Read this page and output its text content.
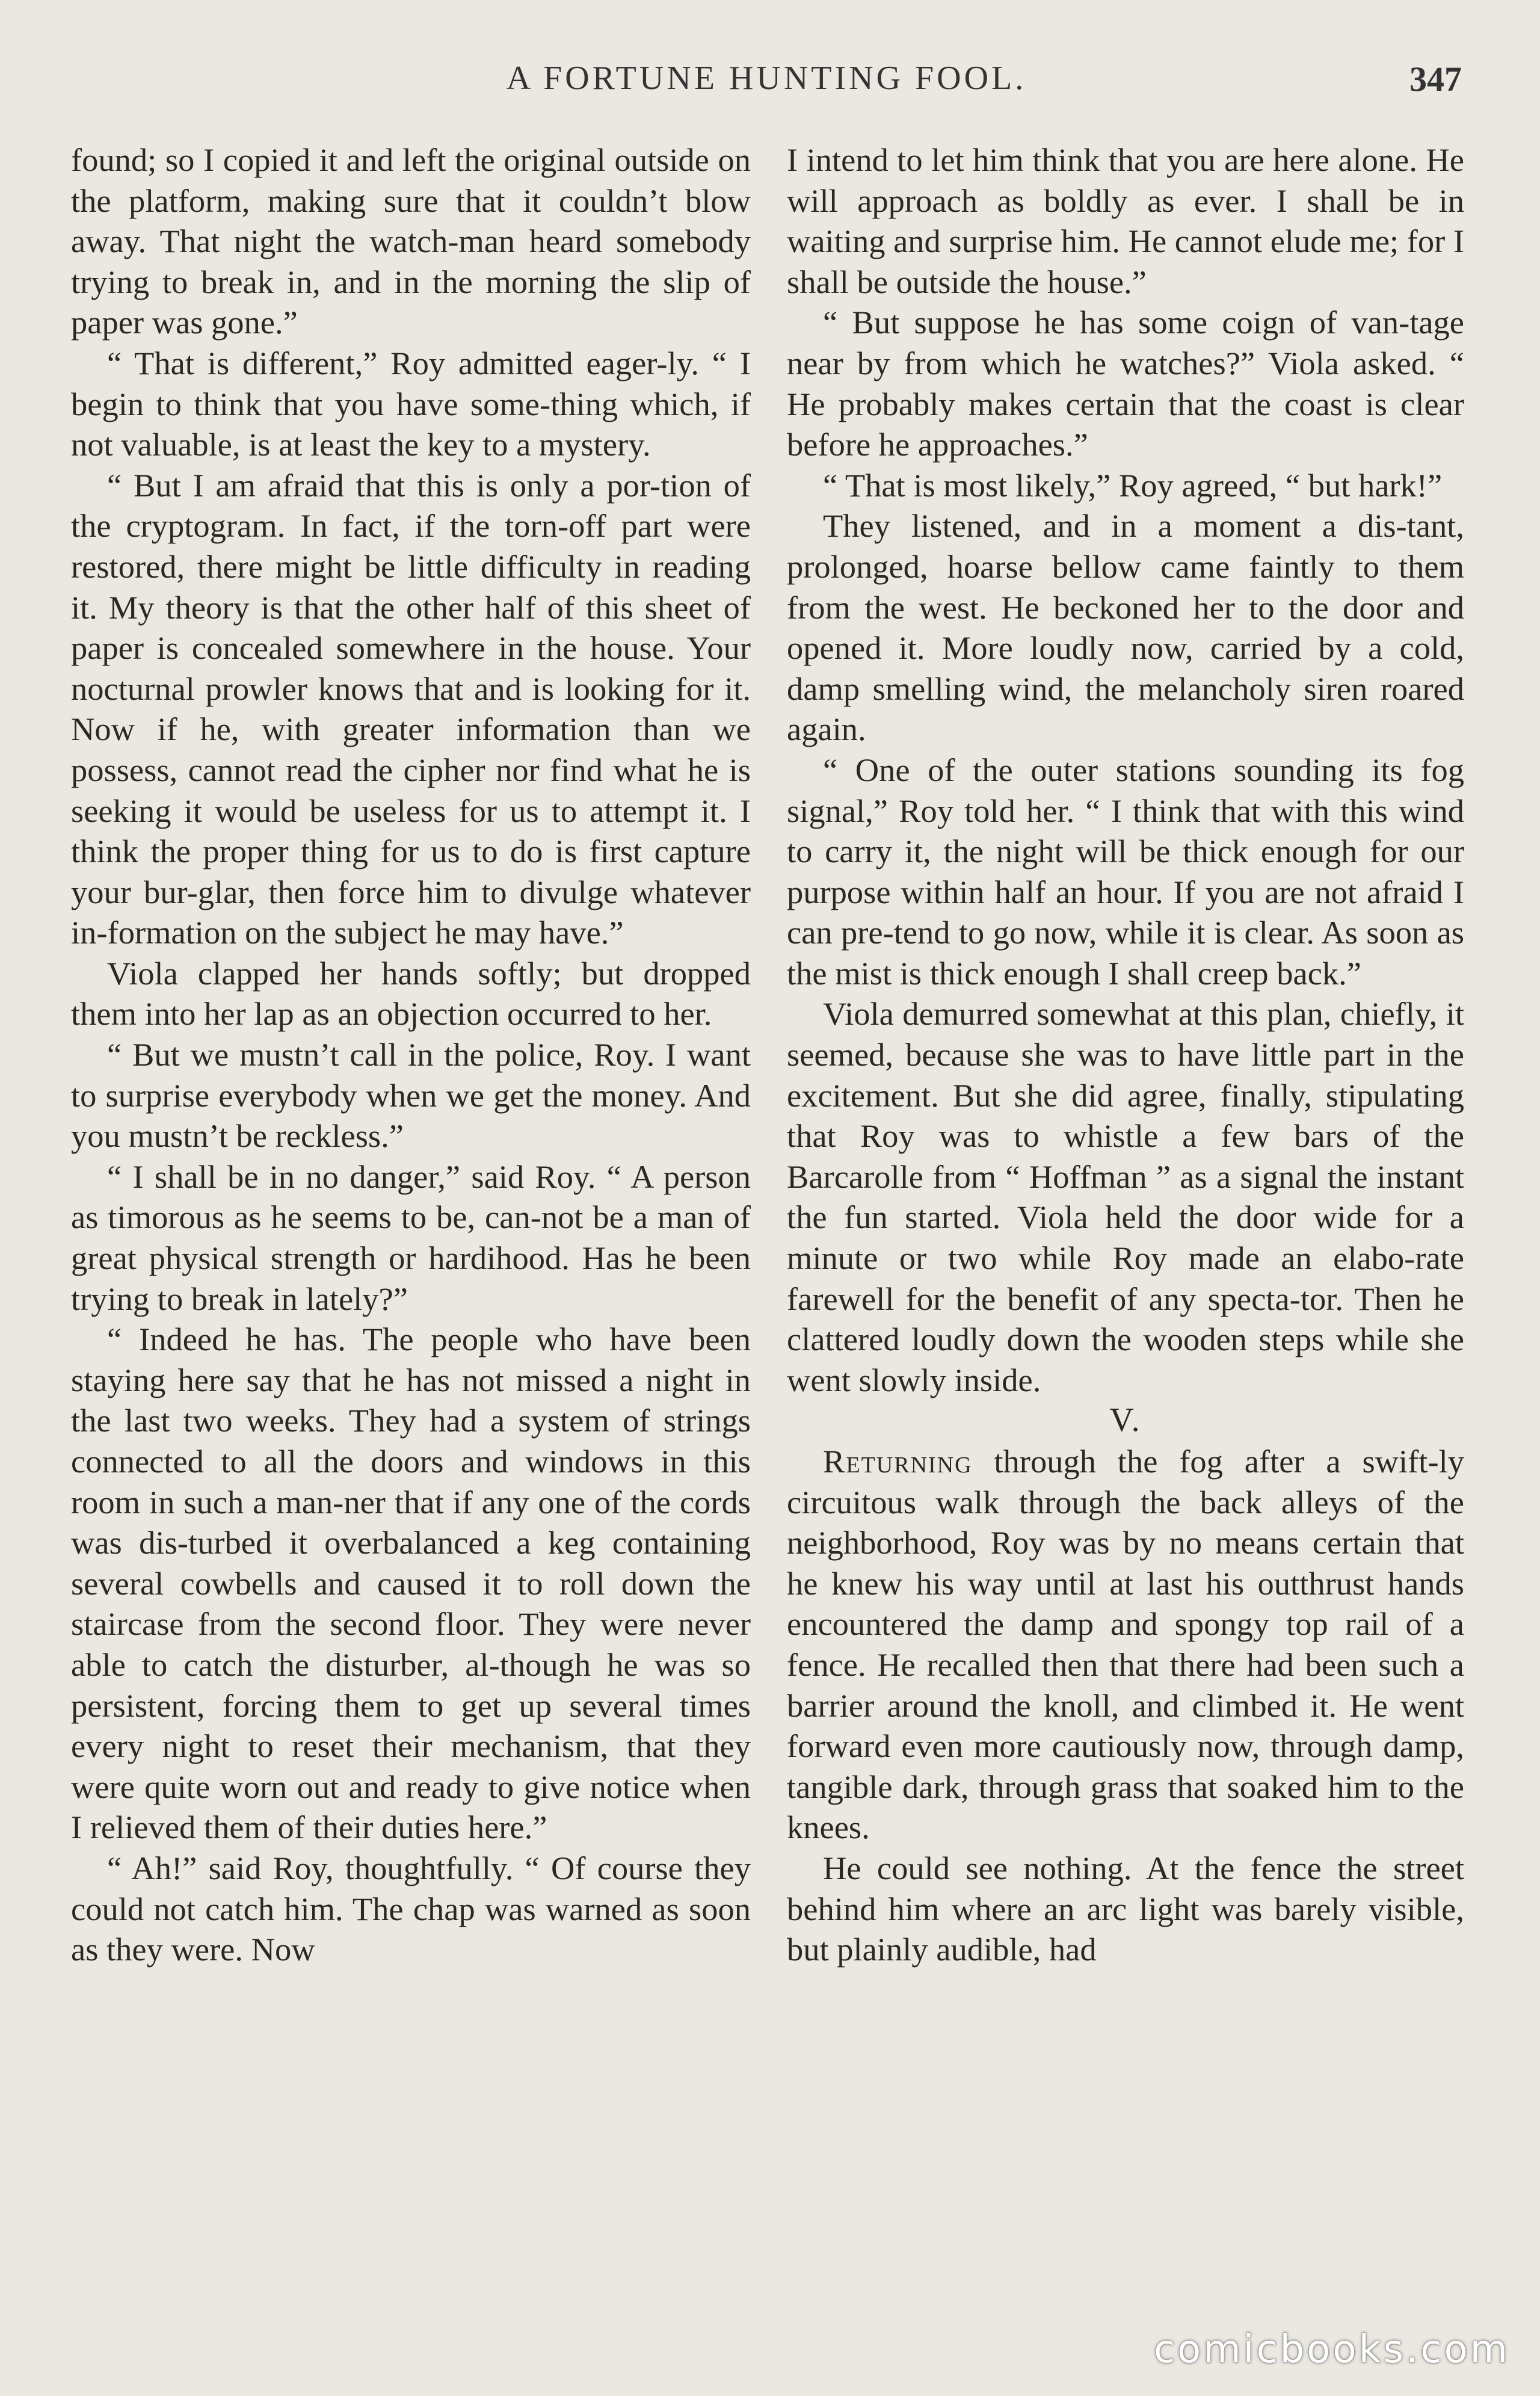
A FORTUNE HUNTING FOOL.	347

found; so I copied it and left the original outside on the platform, making sure that it couldn’t blow away. That night the watch-man heard somebody trying to break in, and in the morning the slip of paper was gone.”

“ That is different,” Roy admitted eager-ly. “ I begin to think that you have some-thing which, if not valuable, is at least the key to a mystery.

“ But I am afraid that this is only a por-tion of the cryptogram. In fact, if the torn-off part were restored, there might be little difficulty in reading it. My theory is that the other half of this sheet of paper is concealed somewhere in the house. Your nocturnal prowler knows that and is looking for it. Now if he, with greater information than we possess, cannot read the cipher nor find what he is seeking it would be useless for us to attempt it. I think the proper thing for us to do is first capture your bur-glar, then force him to divulge whatever in-formation on the subject he may have.”

Viola clapped her hands softly; but dropped them into her lap as an objection occurred to her.

“ But we mustn’t call in the police, Roy. I want to surprise everybody when we get the money. And you mustn’t be reckless.”

“ I shall be in no danger,” said Roy. “ A person as timorous as he seems to be, can-not be a man of great physical strength or hardihood. Has he been trying to break in lately?”

“ Indeed he has. The people who have been staying here say that he has not missed a night in the last two weeks. They had a system of strings connected to all the doors and windows in this room in such a man-ner that if any one of the cords was dis-turbed it overbalanced a keg containing several cowbells and caused it to roll down the staircase from the second floor. They were never able to catch the disturber, al-though he was so persistent, forcing them to get up several times every night to reset their mechanism, that they were quite worn out and ready to give notice when I relieved them of their duties here.”

“ Ah!” said Roy, thoughtfully. “ Of course they could not catch him. The chap was warned as soon as they were. Now

I intend to let him think that you are here alone. He will approach as boldly as ever. I shall be in waiting and surprise him. He cannot elude me; for I shall be outside the house.”

“ But suppose he has some coign of van-tage near by from which he watches?” Viola asked. “ He probably makes certain that the coast is clear before he approaches.”

“ That is most likely,” Roy agreed, “ but hark!”

They listened, and in a moment a dis-tant, prolonged, hoarse bellow came faintly to them from the west. He beckoned her to the door and opened it. More loudly now, carried by a cold, damp smelling wind, the melancholy siren roared again.

“ One of the outer stations sounding its fog signal,” Roy told her. “ I think that with this wind to carry it, the night will be thick enough for our purpose within half an hour. If you are not afraid I can pre-tend to go now, while it is clear. As soon as the mist is thick enough I shall creep back.”

Viola demurred somewhat at this plan, chiefly, it seemed, because she was to have little part in the excitement. But she did agree, finally, stipulating that Roy was to whistle a few bars of the Barcarolle from “ Hoffman ” as a signal the instant the fun started. Viola held the door wide for a minute or two while Roy made an elabo-rate farewell for the benefit of any specta-tor. Then he clattered loudly down the wooden steps while she went slowly inside.

V.

Returning through the fog after a swift-ly circuitous walk through the back alleys of the neighborhood, Roy was by no means certain that he knew his way until at last his outthrust hands encountered the damp and spongy top rail of a fence. He recalled then that there had been such a barrier around the knoll, and climbed it. He went forward even more cautiously now, through damp, tangible dark, through grass that soaked him to the knees.

He could see nothing. At the fence the street behind him where an arc light was barely visible, but plainly audible, had

comicbooks.com
